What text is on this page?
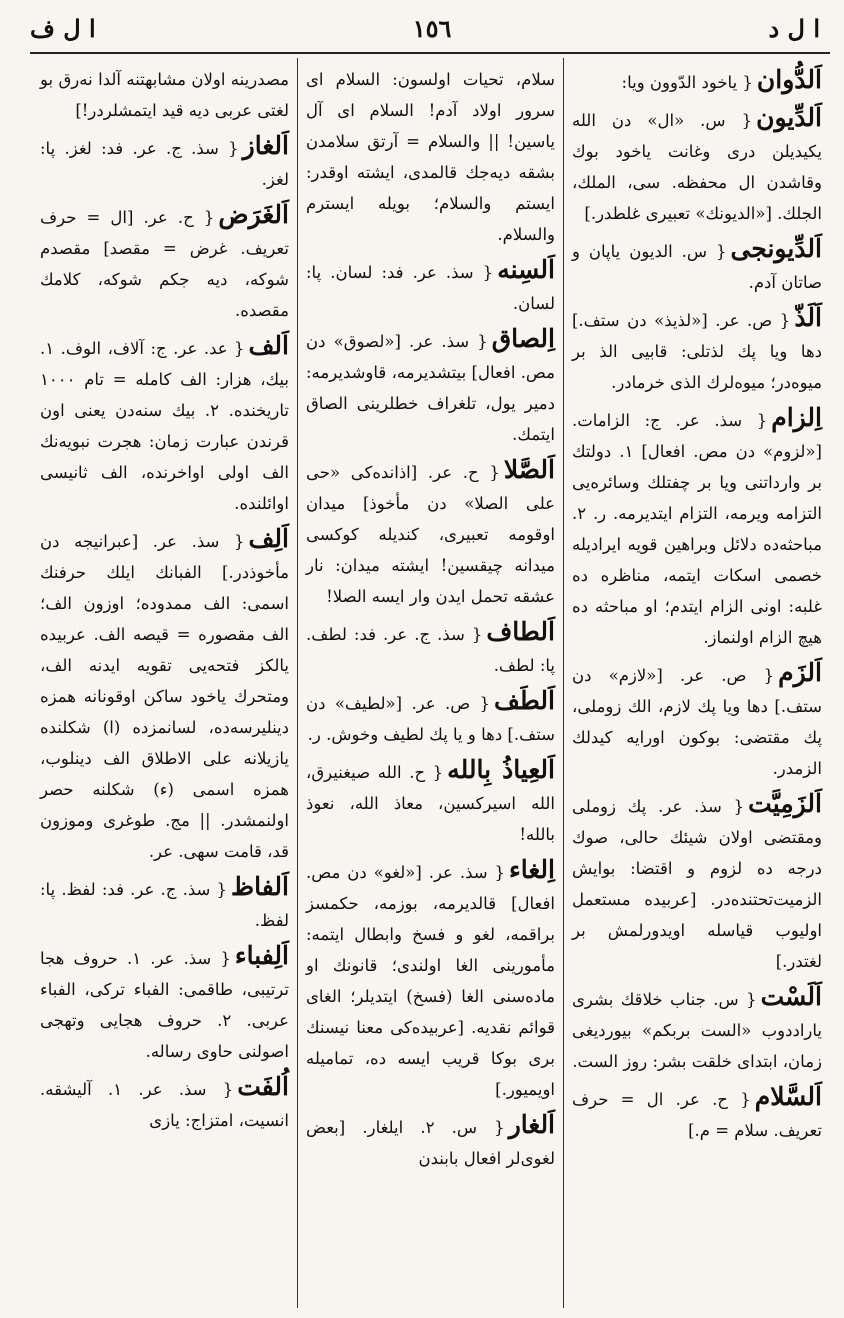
ا ل د
١٥٦
ا ل ف
اَلدُّوان{ ياخود الدّوون ويا:
اَلدِّيون{ س. «ال» دن الله يكيديلن درى وغانت ياخود بوك وقاشدن ال محفظه. سى، الملك، الجلك. [«الديونك» تعبيرى غلطدر.]
اَلدِّيونجى{ س. الديون ياپان و صاتان آدم.
اَلَذّ{ ص. عر. [«لذيذ» دن ستف.] دها ويا پك لذتلى: قابيى الذ بر ميوه‌در؛ ميوه‌لرك الذى خرمادر.
اِلزام{ سذ. عر. ج: الزامات. [«لزوم» دن مص. افعال] ١. دولتك بر وارداتنى ويا بر چفتلك وسائره‌يى التزامه ويرمه، التزام ايتديرمه. ر. ٢. مباحثه‌ده دلائل وبراهين قويه ايراديله خصمى اسكات ايتمه، مناظره ده غلبه: اونى الزام ايتدم؛ او مباحثه ده هيچ الزام اولنماز.
اَلزَم{ ص. عر. [«لازم» دن ستف.] دها ويا پك لازم، الك زوملى، پك مقتضى: بوكون اورايه كيدلك الزمدر.
اَلزَمِيَّت{ سذ. عر. پك زوملى ومقتضى اولان شيئك حالى، صوك درجه ده لزوم و اقتضا: بوايش الزميت‌تحتنده‌در. [عربيده مستعمل اوليوب قياسله اويدورلمش بر لغتدر.]
اَلَسْت{ س. جناب خلاقك بشرى ياراددوب «الست بربكم» بيورديغى زمان، ابتداى خلقت بشر: روز الست.
اَلسَّلام{ ح. عر. ال = حرف تعريف. سلام = م.]
سلام، تحيات اولسون: السلام اى سرور اولاد آدم! السلام اى آل ياسين! || والسلام = آرتق سلامدن بشقه ديه‌جك قالمدى، ايشته اوقدر: ايستم والسلام؛ بويله ايسترم والسلام.
اَلسِنه{ سذ. عر. فد: لسان. پا: لسان.
اِلصاق{ سذ. عر. [«لصوق» دن مص. افعال] بيتشديرمه، قاوشديرمه: دمير يول، تلغراف خطلرينى الصاق ايتمك.
اَلصَّلا{ ح. عر. [اذانده‌كى «حى على الصلا» دن مأخوذ] ميدان اوقومه تعبيرى، كنديله كوكسى ميدانه چيقسين! ايشته ميدان: نار عشقه تحمل ايدن وار ايسه الصلا!
اَلطاف{ سذ. ج. عر. فد: لطف. پا: لطف.
اَلطَف{ ص. عر. [«لطيف» دن ستف.] دها و يا پك لطيف وخوش. ر.
اَلعِياذُ بِالله{ ح. الله صيغنيرق، الله اسيركسين، معاذ الله، نعوذ بالله!
اِلغاء{ سذ. عر. [«لغو» دن مص. افعال] قالديرمه، بوزمه، حكمسز براقمه، لغو و فسخ وابطال ايتمه: مأمورينى الغا اولندى؛ قانونك او ماده‌سنى الغا (فسخ) ايتديلر؛ الغاى قوائم نقديه. [عربيده‌كى معنا نيسنك برى بوكا قريب ايسه ده، تماميله اويميور.]
اَلغار{ س. ٢. ايلغار. [بعض لغوى‌لر افعال بابندن
مصدرينه اولان مشابهتنه آلدا نه‌رق بو لغتى عربى ديه قيد ايتمشلردر!]
اَلغاز{ سذ. ج. عر. فد: لغز. پا: لغز.
اَلغَرَض{ ح. عر. [ال = حرف تعريف. غرض = مقصد] مقصدم شوكه، ديه جكم شوكه، كلامك مقصده.
اَلف{ عد. عر. ج: آلاف، الوف. ١. بيك، هزار: الف كامله = تام ١٠٠٠ تاريخنده. ٢. بيك سنه‌دن يعنى اون قرندن عبارت زمان: هجرت نبويه‌نك الف اولى اواخرنده، الف ثانيسى اوائلنده.
اَلِف{ سذ. عر. [عبرانيجه دن مأخوذدر.] الفبانك ايلك حرفنك اسمى: الف ممدوده؛ اوزون الف؛ الف مقصوره = قيصه الف. عربيده يالكز فتحه‌يى تقويه ايدنه الف، ومتحرك ياخود ساكن اوقونانه همزه دينليرسه‌ده، لسانمزده (ا) شكلنده يازيلانه على الاطلاق الف دينلوب، همزه اسمى (ء) شكلنه حصر اولنمشدر. || مج. طوغرى وموزون قد، قامت سهى. عر.
اَلفاظ{ سذ. ج. عر. فد: لفظ. پا: لفظ.
اَلِفباء{ سذ. عر. ١. حروف هجا ترتيبى، طاقمى: الفباء تركى، الفباء عربى. ٢. حروف هجايى وتهجى اصولنى حاوى رساله.
اُلفَت{ سذ. عر. ١. آليشقه. انسيت، امتزاج: يازى
